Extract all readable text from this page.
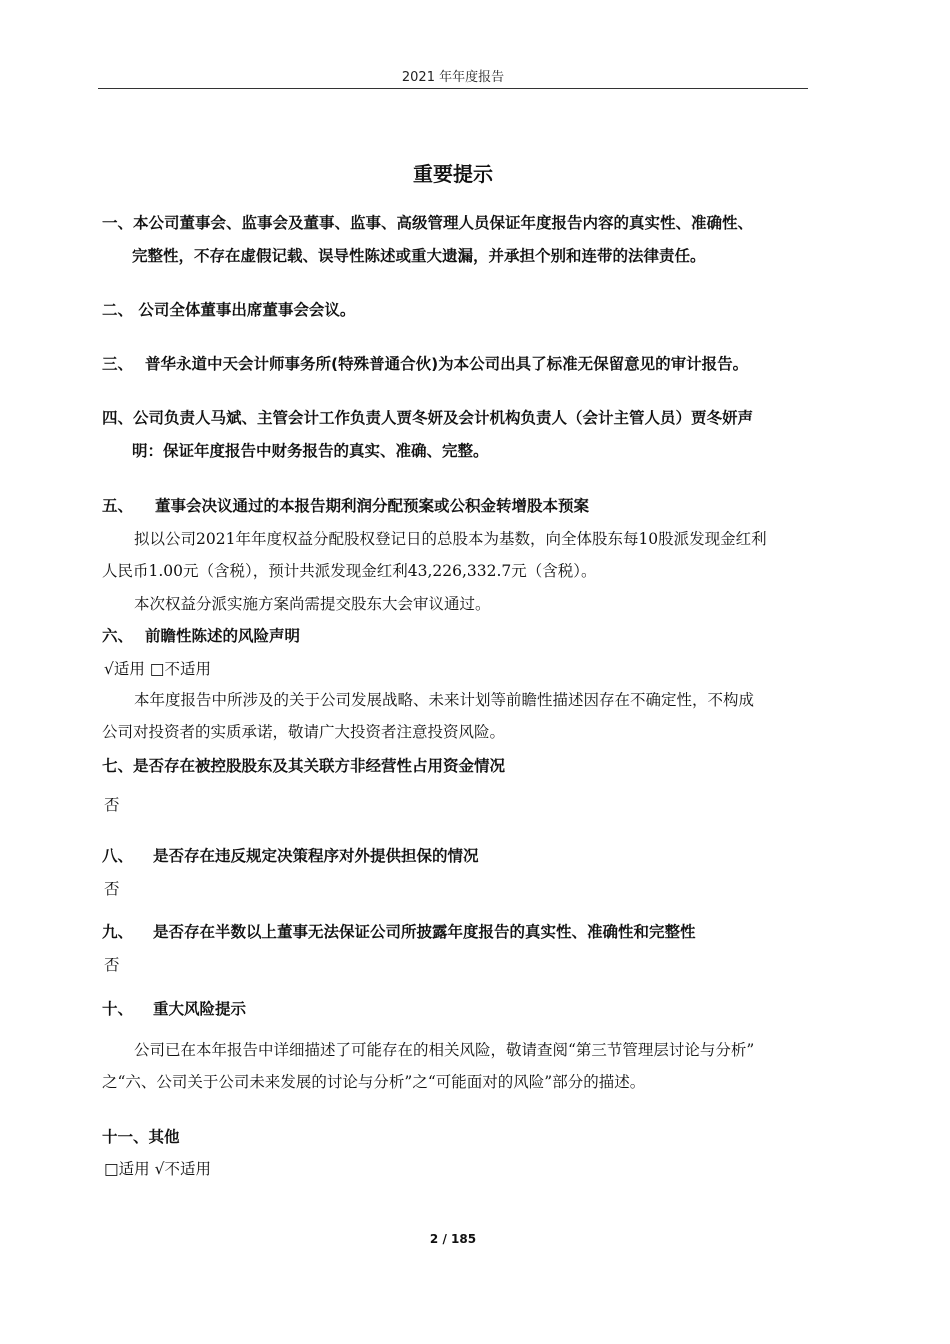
2021 年年度报告
重要提示
一、本公司董事会、监事会及董事、监事、高级管理人员保证年度报告内容的真实性、准确性、
完整性，不存在虚假记载、误导性陈述或重大遗漏，并承担个别和连带的法律责任。
二、 公司全体董事出席董事会会议。
三、 普华永道中天会计师事务所(特殊普通合伙)为本公司出具了标准无保留意见的审计报告。
四、公司负责人马斌、主管会计工作负责人贾冬妍及会计机构负责人（会计主管人员）贾冬妍声
明：保证年度报告中财务报告的真实、准确、完整。
五、 董事会决议通过的本报告期利润分配预案或公积金转增股本预案
拟以公司2021年年度权益分配股权登记日的总股本为基数，向全体股东每10股派发现金红利
人民币1.00元（含税），预计共派发现金红利43,226,332.7元（含税）。
本次权益分派实施方案尚需提交股东大会审议通过。
六、 前瞻性陈述的风险声明
√适用 □不适用
本年度报告中所涉及的关于公司发展战略、未来计划等前瞻性描述因存在不确定性，不构成
公司对投资者的实质承诺，敬请广大投资者注意投资风险。
七、是否存在被控股股东及其关联方非经营性占用资金情况
否
八、 是否存在违反规定决策程序对外提供担保的情况
否
九、 是否存在半数以上董事无法保证公司所披露年度报告的真实性、准确性和完整性
否
十、 重大风险提示
公司已在本年报告中详细描述了可能存在的相关风险，敬请查阅“第三节管理层讨论与分析”
之“六、公司关于公司未来发展的讨论与分析”之“可能面对的风险”部分的描述。
十一、其他
□适用 √不适用
2 / 185
